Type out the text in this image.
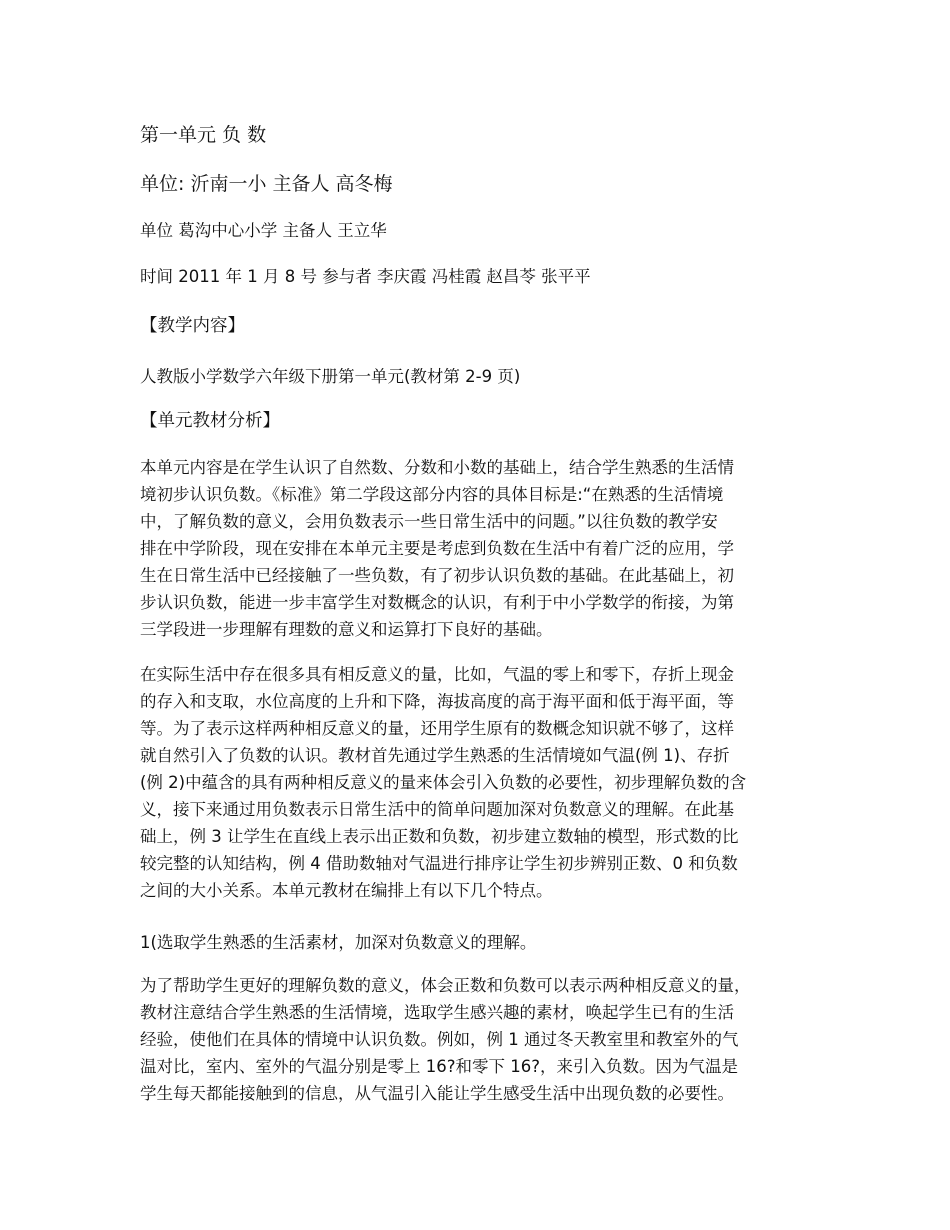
第一单元 负 数
单位: 沂南一小 主备人 高冬梅
单位 葛沟中心小学 主备人 王立华
时间 2011 年 1 月 8 号 参与者 李庆霞 冯桂霞 赵昌苓 张平平
【教学内容】
人教版小学数学六年级下册第一单元(教材第 2-9 页)
【单元教材分析】
本单元内容是在学生认识了自然数、分数和小数的基础上，结合学生熟悉的生活情
境初步认识负数。《标准》第二学段这部分内容的具体目标是:“在熟悉的生活情境
中，了解负数的意义，会用负数表示一些日常生活中的问题。”以往负数的教学安
排在中学阶段，现在安排在本单元主要是考虑到负数在生活中有着广泛的应用，学
生在日常生活中已经接触了一些负数，有了初步认识负数的基础。在此基础上，初
步认识负数，能进一步丰富学生对数概念的认识，有利于中小学数学的衔接，为第
三学段进一步理解有理数的意义和运算打下良好的基础。
在实际生活中存在很多具有相反意义的量，比如，气温的零上和零下，存折上现金
的存入和支取，水位高度的上升和下降，海拔高度的高于海平面和低于海平面，等
等。为了表示这样两种相反意义的量，还用学生原有的数概念知识就不够了，这样
就自然引入了负数的认识。教材首先通过学生熟悉的生活情境如气温(例 1)、存折
(例 2)中蕴含的具有两种相反意义的量来体会引入负数的必要性，初步理解负数的含
义，接下来通过用负数表示日常生活中的简单问题加深对负数意义的理解。在此基
础上，例 3 让学生在直线上表示出正数和负数，初步建立数轴的模型，形式数的比
较完整的认知结构，例 4 借助数轴对气温进行排序让学生初步辨别正数、0 和负数
之间的大小关系。本单元教材在编排上有以下几个特点。
1(选取学生熟悉的生活素材，加深对负数意义的理解。
为了帮助学生更好的理解负数的意义，体会正数和负数可以表示两种相反意义的量，
教材注意结合学生熟悉的生活情境，选取学生感兴趣的素材，唤起学生已有的生活
经验，使他们在具体的情境中认识负数。例如，例 1 通过冬天教室里和教室外的气
温对比，室内、室外的气温分别是零上 16?和零下 16?，来引入负数。因为气温是
学生每天都能接触到的信息，从气温引入能让学生感受生活中出现负数的必要性。
